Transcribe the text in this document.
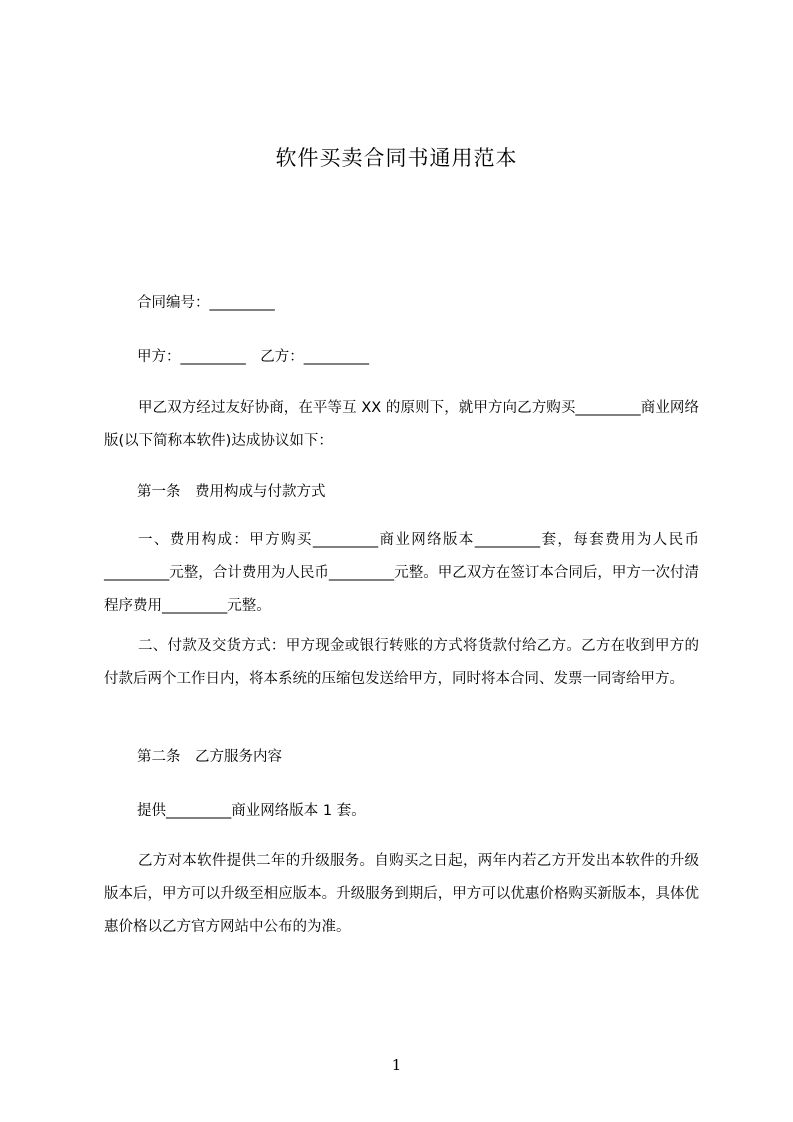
软件买卖合同书通用范本
合同编号：_________
甲方：_________　乙方：_________
甲乙双方经过友好协商，在平等互 XX 的原则下，就甲方向乙方购买_________商业网络版(以下简称本软件)达成协议如下：
第一条　费用构成与付款方式
一、费用构成：甲方购买_________商业网络版本_________套，每套费用为人民币_________元整，合计费用为人民币_________元整。甲乙双方在签订本合同后，甲方一次付清程序费用_________元整。
二、付款及交货方式：甲方现金或银行转账的方式将货款付给乙方。乙方在收到甲方的付款后两个工作日内，将本系统的压缩包发送给甲方，同时将本合同、发票一同寄给甲方。
第二条　乙方服务内容
提供_________商业网络版本 1 套。
乙方对本软件提供二年的升级服务。自购买之日起，两年内若乙方开发出本软件的升级版本后，甲方可以升级至相应版本。升级服务到期后，甲方可以优惠价格购买新版本，具体优惠价格以乙方官方网站中公布的为准。
1
